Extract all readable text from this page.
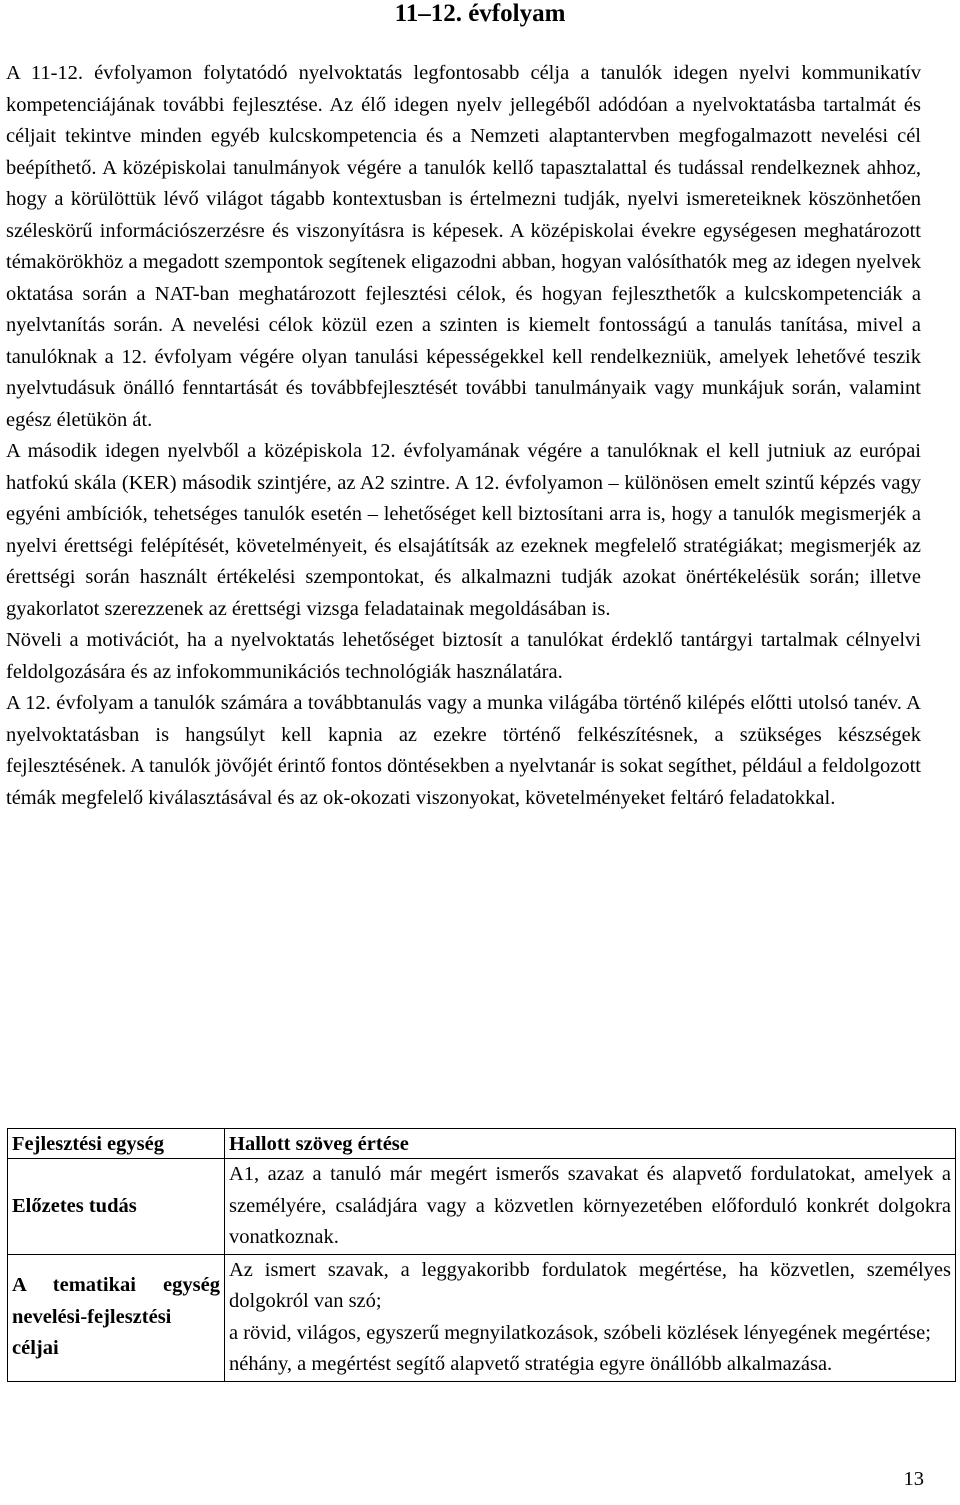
11–12. évfolyam

A 11-12. évfolyamon folytatódó nyelvoktatás legfontosabb célja a tanulók idegen nyelvi kommunikatív kompetenciájának további fejlesztése. Az élő idegen nyelv jellegéből adódóan a nyelvoktatásba tartalmát és céljait tekintve minden egyéb kulcskompetencia és a Nemzeti alaptantervben megfogalmazott nevelési cél beépíthető. A középiskolai tanulmányok végére a tanulók kellő tapasztalattal és tudással rendelkeznek ahhoz, hogy a körülöttük lévő világot tágabb kontextusban is értelmezni tudják, nyelvi ismereteiknek köszönhetően széleskörű információszerzésre és viszonyításra is képesek. A középiskolai évekre egységesen meghatározott témakörökhöz a megadott szempontok segítenek eligazodni abban, hogyan valósíthatók meg az idegen nyelvek oktatása során a NAT-ban meghatározott fejlesztési célok, és hogyan fejleszthetők a kulcskompetenciák a nyelvtanítás során. A nevelési célok közül ezen a szinten is kiemelt fontosságú a tanulás tanítása, mivel a tanulóknak a 12. évfolyam végére olyan tanulási képességekkel kell rendelkezniük, amelyek lehetővé teszik nyelvtudásuk önálló fenntartását és továbbfejlesztését további tanulmányaik vagy munkájuk során, valamint egész életükön át.

A második idegen nyelvből a középiskola 12. évfolyamának végére a tanulóknak el kell jutniuk az európai hatfokú skála (KER) második szintjére, az A2 szintre. A 12. évfolyamon – különösen emelt szintű képzés vagy egyéni ambíciók, tehetséges tanulók esetén – lehetőséget kell biztosítani arra is, hogy a tanulók megismerjék a nyelvi érettségi felépítését, követelményeit, és elsajátítsák az ezeknek megfelelő stratégiákat; megismerjék az érettségi során használt értékelési szempontokat, és alkalmazni tudják azokat önértékelésük során; illetve gyakorlatot szerezzenek az érettségi vizsga feladatainak megoldásában is.

Növeli a motivációt, ha a nyelvoktatás lehetőséget biztosít a tanulókat érdeklő tantárgyi tartalmak célnyelvi feldolgozására és az infokommunikációs technológiák használatára.

A 12. évfolyam a tanulók számára a továbbtanulás vagy a munka világába történő kilépés előtti utolsó tanév. A nyelvoktatásban is hangsúlyt kell kapnia az ezekre történő felkészítésnek, a szükséges készségek fejlesztésének. A tanulók jövőjét érintő fontos döntésekben a nyelvtanár is sokat segíthet, például a feldolgozott témák megfelelő kiválasztásával és az ok-okozati viszonyokat, követelményeket feltáró feladatokkal.

Fejlesztési egység	Hallott szöveg értése
Előzetes tudás	A1, azaz a tanuló már megért ismerős szavakat és alapvető fordulatokat, amelyek a személyére, családjára vagy a közvetlen környezetében előforduló konkrét dolgokra vonatkoznak.
A tematikai egység nevelési-fejlesztési céljai	Az ismert szavak, a leggyakoribb fordulatok megértése, ha közvetlen, személyes dolgokról van szó;

a rövid, világos, egyszerű megnyilatkozások, szóbeli közlések lényegének megértése;

néhány, a megértést segítő alapvető stratégia egyre önállóbb alkalmazása.

13
